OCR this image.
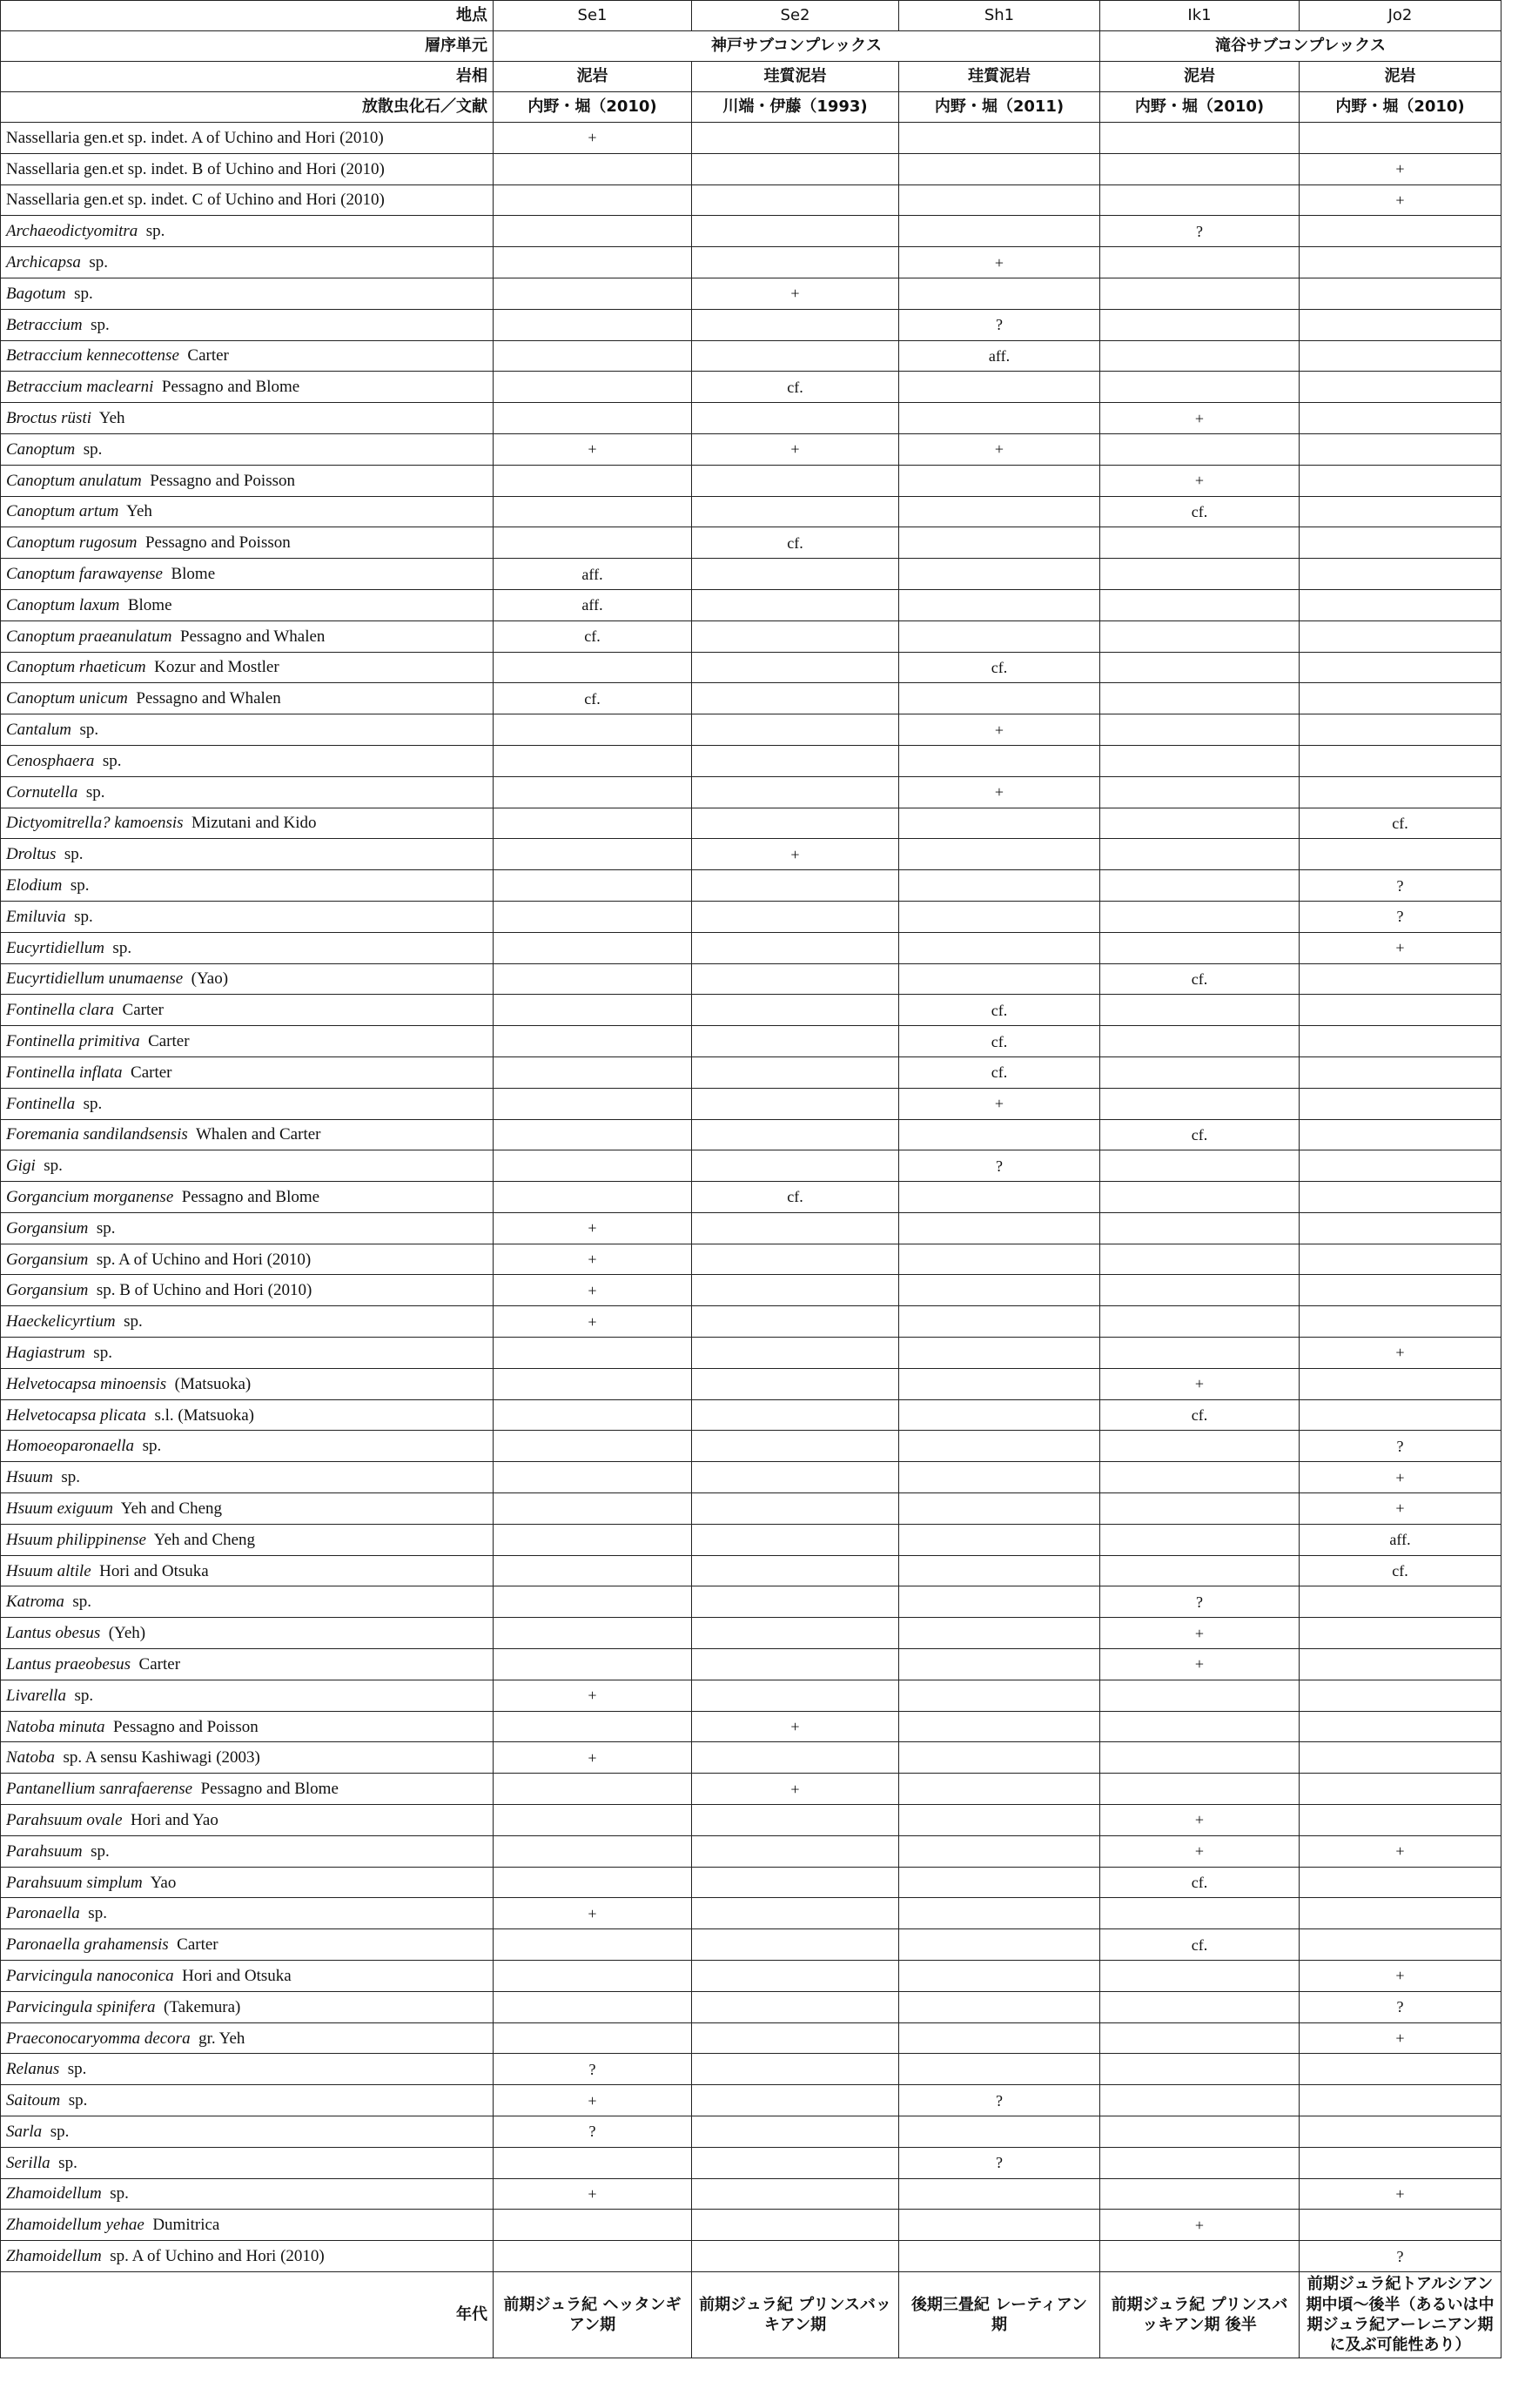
地点	Se1	Se2	Sh1	Ik1	Jo2
層序単元	神戸サブコンプレックス			滝谷サブコンプレックス	
岩相	泥岩	珪質泥岩	珪質泥岩	泥岩	泥岩
放散虫化石／文献	内野・堀（2010)	川端・伊藤（1993)	内野・堀（2011)	内野・堀（2010)	内野・堀（2010)
Nassellaria gen.et sp. indet. A of Uchino and Hori (2010)	+				
Nassellaria gen.et sp. indet. B of Uchino and Hori (2010)					+
Nassellaria gen.et sp. indet. C of Uchino and Hori (2010)					+
Archaeodictyomitra sp.				?	
Archicapsa sp.			+		
Bagotum sp.		+			
Betraccium sp.			?		
Betraccium kennecottense Carter			aff.		
Betraccium maclearni Pessagno and Blome		cf.			
Broctus rüsti Yeh				+	
Canoptum sp.	+	+	+		
Canoptum anulatum Pessagno and Poisson				+	
Canoptum artum Yeh				cf.	
Canoptum rugosum Pessagno and Poisson		cf.			
Canoptum farawayense Blome	aff.				
Canoptum laxum Blome	aff.				
Canoptum praeanulatum Pessagno and Whalen	cf.				
Canoptum rhaeticum Kozur and Mostler			cf.		
Canoptum unicum Pessagno and Whalen	cf.				
Cantalum sp.			+		
Cenosphaera sp.					
Cornutella sp.			+		
Dictyomitrella? kamoensis Mizutani and Kido					cf.
Droltus sp.		+			
Elodium sp.					?
Emiluvia sp.					?
Eucyrtidiellum sp.					+
Eucyrtidiellum unumaense (Yao)				cf.	
Fontinella clara Carter			cf.		
Fontinella primitiva Carter			cf.		
Fontinella inflata Carter			cf.		
Fontinella sp.			+		
Foremania sandilandsensis Whalen and Carter				cf.	
Gigi sp.			?		
Gorgancium morganense Pessagno and Blome		cf.			
Gorgansium sp.	+				
Gorgansium sp. A of Uchino and Hori (2010)	+				
Gorgansium sp. B of Uchino and Hori (2010)	+				
Haeckelicyrtium sp.	+				
Hagiastrum sp.					+
Helvetocapsa minoensis (Matsuoka)				+	
Helvetocapsa plicata s.l. (Matsuoka)				cf.	
Homoeoparonaella sp.					?
Hsuum sp.					+
Hsuum exiguum Yeh and Cheng					+
Hsuum philippinense Yeh and Cheng					aff.
Hsuum altile Hori and Otsuka					cf.
Katroma sp.				?	
Lantus obesus (Yeh)				+	
Lantus praeobesus Carter				+	
Livarella sp.	+				
Natoba minuta Pessagno and Poisson		+			
Natoba sp. A sensu Kashiwagi (2003)	+				
Pantanellium sanrafaerense Pessagno and Blome		+			
Parahsuum ovale Hori and Yao				+	
Parahsuum sp.				+	+
Parahsuum simplum Yao				cf.	
Paronaella sp.	+				
Paronaella grahamensis Carter				cf.	
Parvicingula nanoconica Hori and Otsuka					+
Parvicingula spinifera (Takemura)					?
Praeconocaryomma decora gr. Yeh					+
Relanus sp.	?				
Saitoum sp.	+		?		
Sarla sp.	?				
Serilla sp.			?		
Zhamoidellum sp.	+				+
Zhamoidellum yehae Dumitrica				+	
Zhamoidellum sp. A of Uchino and Hori (2010)					?
年代	前期ジュラ紀 ヘッタンギアン期	前期ジュラ紀 プリンスバッキアン期	後期三畳紀 レーティアン期	前期ジュラ紀 プリンスバッキアン期 後半	前期ジュラ紀トアルシアン期中頃～後半（あるいは中期ジュラ紀アーレニアン期に及ぶ可能性あり）
